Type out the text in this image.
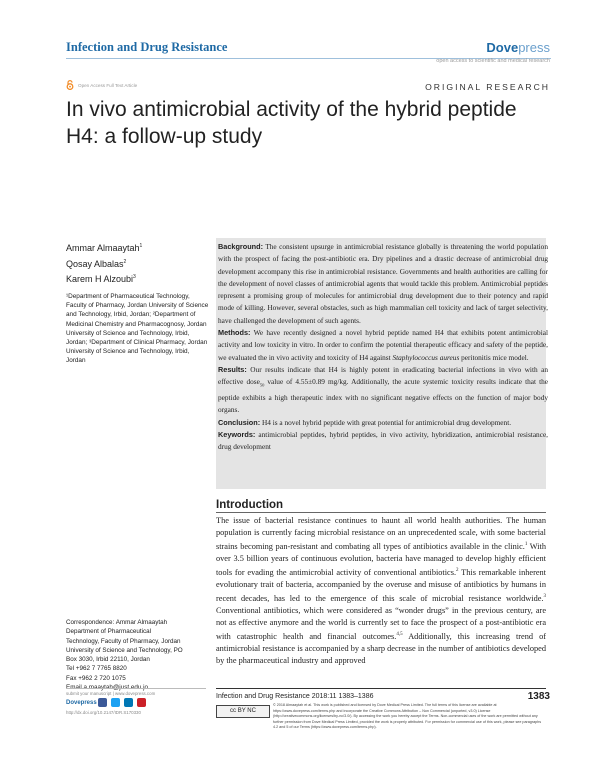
Infection and Drug Resistance	Dovepress
open access to scientific and medical research
Open Access Full Text Article	ORIGINAL RESEARCH
In vivo antimicrobial activity of the hybrid peptide H4: a follow-up study
Ammar Almaaytah$^1$
Qosay Albalas$^2$
Karem H Alzoubi$^3$
¹Department of Pharmaceutical Technology, Faculty of Pharmacy, Jordan University of Science and Technology, Irbid, Jordan; ²Department of Medicinal Chemistry and Pharmacognosy, Jordan University of Science and Technology, Irbid, Jordan; ³Department of Clinical Pharmacy, Jordan University of Science and Technology, Irbid, Jordan

Background: The consistent upsurge in antimicrobial resistance globally is threatening the world population with the prospect of facing the post-antibiotic era. Dry pipelines and a drastic decrease of antimicrobial drug development accompany this rise in antimicrobial resistance. Governments and health authorities are calling for the development of novel classes of antimicrobial agents that would tackle this problem. Antimicrobial peptides represent a promising group of molecules for antimicrobial drug development due to their potency and rapid mode of killing. However, several obstacles, such as high mammalian cell toxicity and lack of target selectivity, have challenged the development of such agents.

Methods: We have recently designed a novel hybrid peptide named H4 that exhibits potent antimicrobial activity and low toxicity in vitro. In order to confirm the potential therapeutic efficacy and safety of the peptide, we evaluated the in vivo activity and toxicity of H4 against Staphylococcus aureus peritonitis mice model.

Results: Our results indicate that H4 is highly potent in eradicating bacterial infections in vivo with an effective dose$_{50}$ value of 4.55±0.89 mg/kg. Additionally, the acute systemic toxicity results indicate that the peptide exhibits a high therapeutic index with no significant negative effects on the function of major body organs.

Conclusion: H4 is a novel hybrid peptide with great potential for antimicrobial drug development.

Keywords: antimicrobial peptides, hybrid peptides, in vivo activity, hybridization, antimicrobial resistance, drug development

Introduction

The issue of bacterial resistance continues to haunt all world health authorities. The human population is currently facing microbial resistance on an unprecedented scale, with some bacterial strains becoming pan-resistant and combating all types of antibiotics available in the clinic.$^1$ With over 3.5 billion years of continuous evolution, bacteria have managed to develop highly efficient tools for evading the antimicrobial activity of conventional antibiotics.$^2$ This remarkable inherent evolutionary trait of bacteria, accompanied by the overuse and misuse of antibiotics by humans in recent decades, has led to the emergence of this scale of microbial resistance worldwide.$^3$ Conventional antibiotics, which were considered as “wonder drugs” in the previous century, are not as effective anymore and the world is currently set to face the prospect of a post-antibiotic era with catastrophic health and financial outcomes.$^{4,5}$ Additionally, this increasing trend of antimicrobial resistance is accompanied by a sharp decrease in the number of antibiotics developed by the pharmaceutical industry and approved

Correspondence: Ammar Almaaytah
Department of Pharmaceutical
Technology, Faculty of Pharmacy, Jordan
University of Science and Technology, PO
Box 3030, Irbid 22110, Jordan
Tel +962 7 7765 8820
Fax +962 2 720 1075
submit your manuscript | www.dovepress.com
Dovepress
http://dx.doi.org/10.2147/IDR.S170330
Infection and Drug Resistance 2018:11 1383–1386	1383
cc BY NC
© 2018 Almaaytah et al. This work is published and licensed by Dove Medical Press Limited. The full terms of this license are available at https://www.dovepress.com/terms.php and incorporate the Creative Commons Attribution – Non Commercial (unported, v3.0) License (http://creativecommons.org/licenses/by-nc/3.0/). By accessing the work you hereby accept the Terms. Non-commercial uses of the work are permitted without any further permission from Dove Medical Press Limited, provided the work is properly attributed. For permission for commercial use of this work, please see paragraphs 4.2 and 5 of our Terms (https://www.dovepress.com/terms.php).
